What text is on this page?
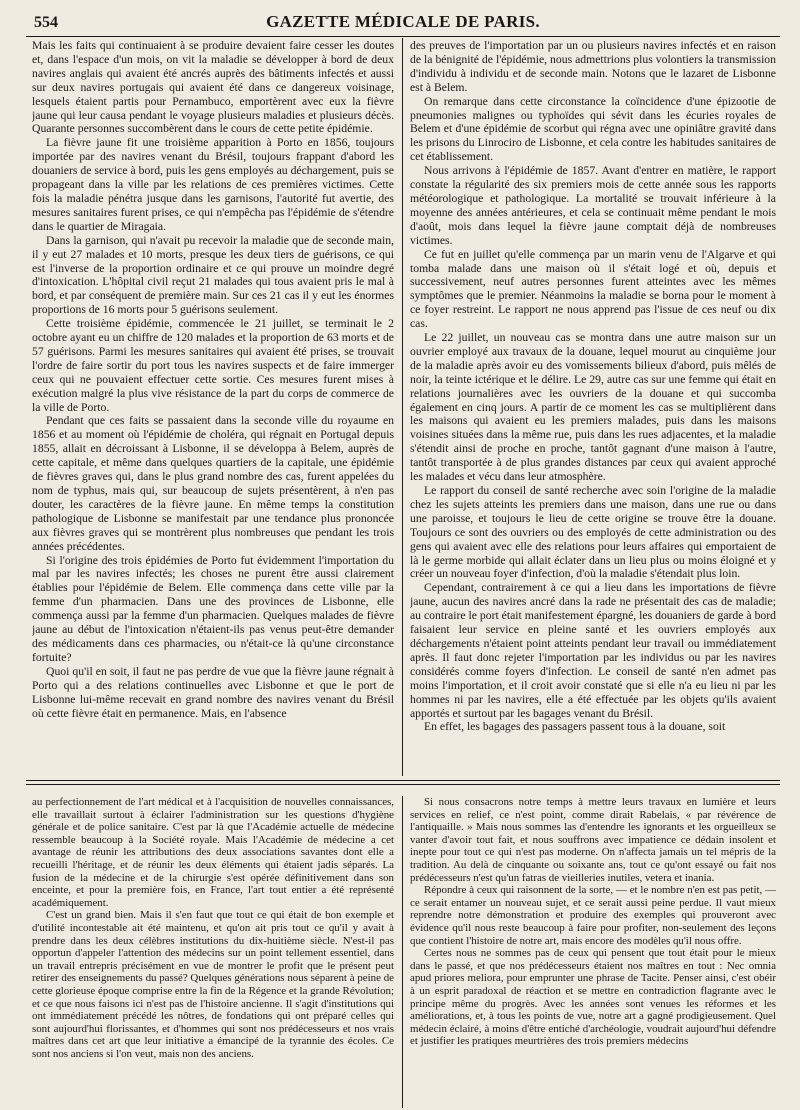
554	GAZETTE MÉDICALE DE PARIS.

Mais les faits qui continuaient à se produire devaient faire cesser les doutes et, dans l'espace d'un mois, on vit la maladie se développer à bord de deux navires anglais qui avaient été ancrés auprès des bâtiments infectés et aussi sur deux navires portugais qui avaient été dans ce dangereux voisinage, lesquels étaient partis pour Pernambuco, emportèrent avec eux la fièvre jaune qui leur causa pendant le voyage plusieurs maladies et plusieurs décès. Quarante personnes succombèrent dans le cours de cette petite épidémie.

La fièvre jaune fit une troisième apparition à Porto en 1856, toujours importée par des navires venant du Brésil, toujours frappant d'abord les douaniers de service à bord, puis les gens employés au déchargement, puis se propageant dans la ville par les relations de ces premières victimes. Cette fois la maladie pénétra jusque dans les garnisons, l'autorité fut avertie, des mesures sanitaires furent prises, ce qui n'empêcha pas l'épidémie de s'étendre dans le quartier de Miragaia.

Dans la garnison, qui n'avait pu recevoir la maladie que de seconde main, il y eut 27 malades et 10 morts, presque les deux tiers de guérisons, ce qui est l'inverse de la proportion ordinaire et ce qui prouve un moindre degré d'intoxication. L'hôpital civil reçut 21 malades qui tous avaient pris le mal à bord, et par conséquent de première main. Sur ces 21 cas il y eut les énormes proportions de 16 morts pour 5 guérisons seulement.

Cette troisième épidémie, commencée le 21 juillet, se terminait le 2 octobre ayant eu un chiffre de 120 malades et la proportion de 63 morts et de 57 guérisons. Parmi les mesures sanitaires qui avaient été prises, se trouvait l'ordre de faire sortir du port tous les navires suspects et de faire immerger ceux qui ne pouvaient effectuer cette sortie. Ces mesures furent mises à exécution malgré la plus vive résistance de la part du corps de commerce de la ville de Porto.

Pendant que ces faits se passaient dans la seconde ville du royaume en 1856 et au moment où l'épidémie de choléra, qui régnait en Portugal depuis 1855, allait en décroissant à Lisbonne, il se développa à Belem, auprès de cette capitale, et même dans quelques quartiers de la capitale, une épidémie de fièvres graves qui, dans le plus grand nombre des cas, furent appelées du nom de typhus, mais qui, sur beaucoup de sujets présentèrent, à n'en pas douter, les caractères de la fièvre jaune. En même temps la constitution pathologique de Lisbonne se manifestait par une tendance plus prononcée aux fièvres graves qui se montrèrent plus nombreuses que pendant les trois années précédentes.

Si l'origine des trois épidémies de Porto fut évidemment l'importation du mal par les navires infectés; les choses ne purent être aussi clairement établies pour l'épidémie de Belem. Elle commença dans cette ville par la femme d'un pharmacien. Dans une des provinces de Lisbonne, elle commença aussi par la femme d'un pharmacien. Quelques malades de fièvre jaune au début de l'intoxication n'étaient-ils pas venus peut-être demander des médicaments dans ces pharmacies, ou n'était-ce là qu'une circonstance fortuite?

Quoi qu'il en soit, il faut ne pas perdre de vue que la fièvre jaune régnait à Porto qui a des relations continuelles avec Lisbonne et que le port de Lisbonne lui-même recevait en grand nombre des navires venant du Brésil où cette fièvre était en permanence. Mais, en l'absence

des preuves de l'importation par un ou plusieurs navires infectés et en raison de la bénignité de l'épidémie, nous admettrions plus volontiers la transmission d'individu à individu et de seconde main. Notons que le lazaret de Lisbonne est à Belem.

On remarque dans cette circonstance la coïncidence d'une épizootie de pneumonies malignes ou typhoïdes qui sévit dans les écuries royales de Belem et d'une épidémie de scorbut qui régna avec une opiniâtre gravité dans les prisons du Linrociro de Lisbonne, et cela contre les habitudes sanitaires de cet établissement.

Nous arrivons à l'épidémie de 1857. Avant d'entrer en matière, le rapport constate la régularité des six premiers mois de cette année sous les rapports météorologique et pathologique. La mortalité se trouvait inférieure à la moyenne des années antérieures, et cela se continuait même pendant le mois d'août, mois dans lequel la fièvre jaune comptait déjà de nombreuses victimes.

Ce fut en juillet qu'elle commença par un marin venu de l'Algarve et qui tomba malade dans une maison où il s'était logé et où, depuis et successivement, neuf autres personnes furent atteintes avec les mêmes symptômes que le premier. Néanmoins la maladie se borna pour le moment à ce foyer restreint. Le rapport ne nous apprend pas l'issue de ces neuf ou dix cas.

Le 22 juillet, un nouveau cas se montra dans une autre maison sur un ouvrier employé aux travaux de la douane, lequel mourut au cinquième jour de la maladie après avoir eu des vomissements bilieux d'abord, puis mêlés de noir, la teinte ictérique et le délire. Le 29, autre cas sur une femme qui était en relations journalières avec les ouvriers de la douane et qui succomba également en cinq jours. A partir de ce moment les cas se multiplièrent dans les maisons qui avaient eu les premiers malades, puis dans les maisons voisines situées dans la même rue, puis dans les rues adjacentes, et la maladie s'étendit ainsi de proche en proche, tantôt gagnant d'une maison à l'autre, tantôt transportée à de plus grandes distances par ceux qui avaient approché les malades et vécu dans leur atmosphère.

Le rapport du conseil de santé recherche avec soin l'origine de la maladie chez les sujets atteints les premiers dans une maison, dans une rue ou dans une paroisse, et toujours le lieu de cette origine se trouve être la douane. Toujours ce sont des ouvriers ou des employés de cette administration ou des gens qui avaient avec elle des relations pour leurs affaires qui emportaient de là le germe morbide qui allait éclater dans un lieu plus ou moins éloigné et y créer un nouveau foyer d'infection, d'où la maladie s'étendait plus loin.

Cependant, contrairement à ce qui a lieu dans les importations de fièvre jaune, aucun des navires ancré dans la rade ne présentait des cas de maladie; au contraire le port était manifestement épargné, les douaniers de garde à bord faisaient leur service en pleine santé et les ouvriers employés aux déchargements n'étaient point atteints pendant leur travail ou immédiatement après. Il faut donc rejeter l'importation par les individus ou par les navires considérés comme foyers d'infection. Le conseil de santé n'en admet pas moins l'importation, et il croit avoir constaté que si elle n'a eu lieu ni par les hommes ni par les navires, elle a été effectuée par les objets qu'ils avaient apportés et surtout par les bagages venant du Brésil.

En effet, les bagages des passagers passent tous à la douane, soit

au perfectionnement de l'art médical et à l'acquisition de nouvelles connaissances, elle travaillait surtout à éclairer l'administration sur les questions d'hygiène générale et de police sanitaire. C'est par là que l'Académie actuelle de médecine ressemble beaucoup à la Société royale. Mais l'Académie de médecine a cet avantage de réunir les attributions des deux associations savantes dont elle a recueilli l'héritage, et de réunir les deux éléments qui étaient jadis séparés. La fusion de la médecine et de la chirurgie s'est opérée définitivement dans son enceinte, et pour la première fois, en France, l'art tout entier a été représenté académiquement.

C'est un grand bien. Mais il s'en faut que tout ce qui était de bon exemple et d'utilité incontestable ait été maintenu, et qu'on ait pris tout ce qu'il y avait à prendre dans les deux célèbres institutions du dix-huitième siècle. N'est-il pas opportun d'appeler l'attention des médecins sur un point tellement essentiel, dans un travail entrepris précisément en vue de montrer le profit que le présent peut retirer des enseignements du passé? Quelques générations nous séparent à peine de cette glorieuse époque comprise entre la fin de la Régence et la grande Révolution; et ce que nous faisons ici n'est pas de l'histoire ancienne. Il s'agit d'institutions qui ont immédiatement précédé les nôtres, de fondations qui ont préparé celles qui sont aujourd'hui florissantes, et d'hommes qui sont nos prédécesseurs et nos vrais maîtres dans cet art que leur initiative a émancipé de la tyrannie des écoles. Ce sont nos anciens si l'on veut, mais non des anciens.

Si nous consacrons notre temps à mettre leurs travaux en lumière et leurs services en relief, ce n'est point, comme dirait Rabelais, « par révérence de l'antiquaille. » Mais nous sommes las d'entendre les ignorants et les orgueilleux se vanter d'avoir tout fait, et nous souffrons avec impatience ce dédain insolent et inepte pour tout ce qui n'est pas moderne. On n'affecta jamais un tel mépris de la tradition. Au delà de cinquante ou soixante ans, tout ce qu'ont essayé ou fait nos prédécesseurs n'est qu'un fatras de vieilleries inutiles, vetera et inania.

Répondre à ceux qui raisonnent de la sorte, — et le nombre n'en est pas petit, — ce serait entamer un nouveau sujet, et ce serait aussi peine perdue. Il vaut mieux reprendre notre démonstration et produire des exemples qui prouveront avec évidence qu'il nous reste beaucoup à faire pour profiter, non-seulement des leçons que contient l'histoire de notre art, mais encore des modèles qu'il nous offre.

Certes nous ne sommes pas de ceux qui pensent que tout était pour le mieux dans le passé, et que nos prédécesseurs étaient nos maîtres en tout : Nec omnia apud priores meliora, pour emprunter une phrase de Tacite. Penser ainsi, c'est obéir à un esprit paradoxal de réaction et se mettre en contradiction flagrante avec le principe même du progrès. Avec les années sont venues les réformes et les améliorations, et, à tous les points de vue, notre art a gagné prodigieusement. Quel médecin éclairé, à moins d'être entiché d'archéologie, voudrait aujourd'hui défendre et justifier les pratiques meurtrières des trois premiers médecins
